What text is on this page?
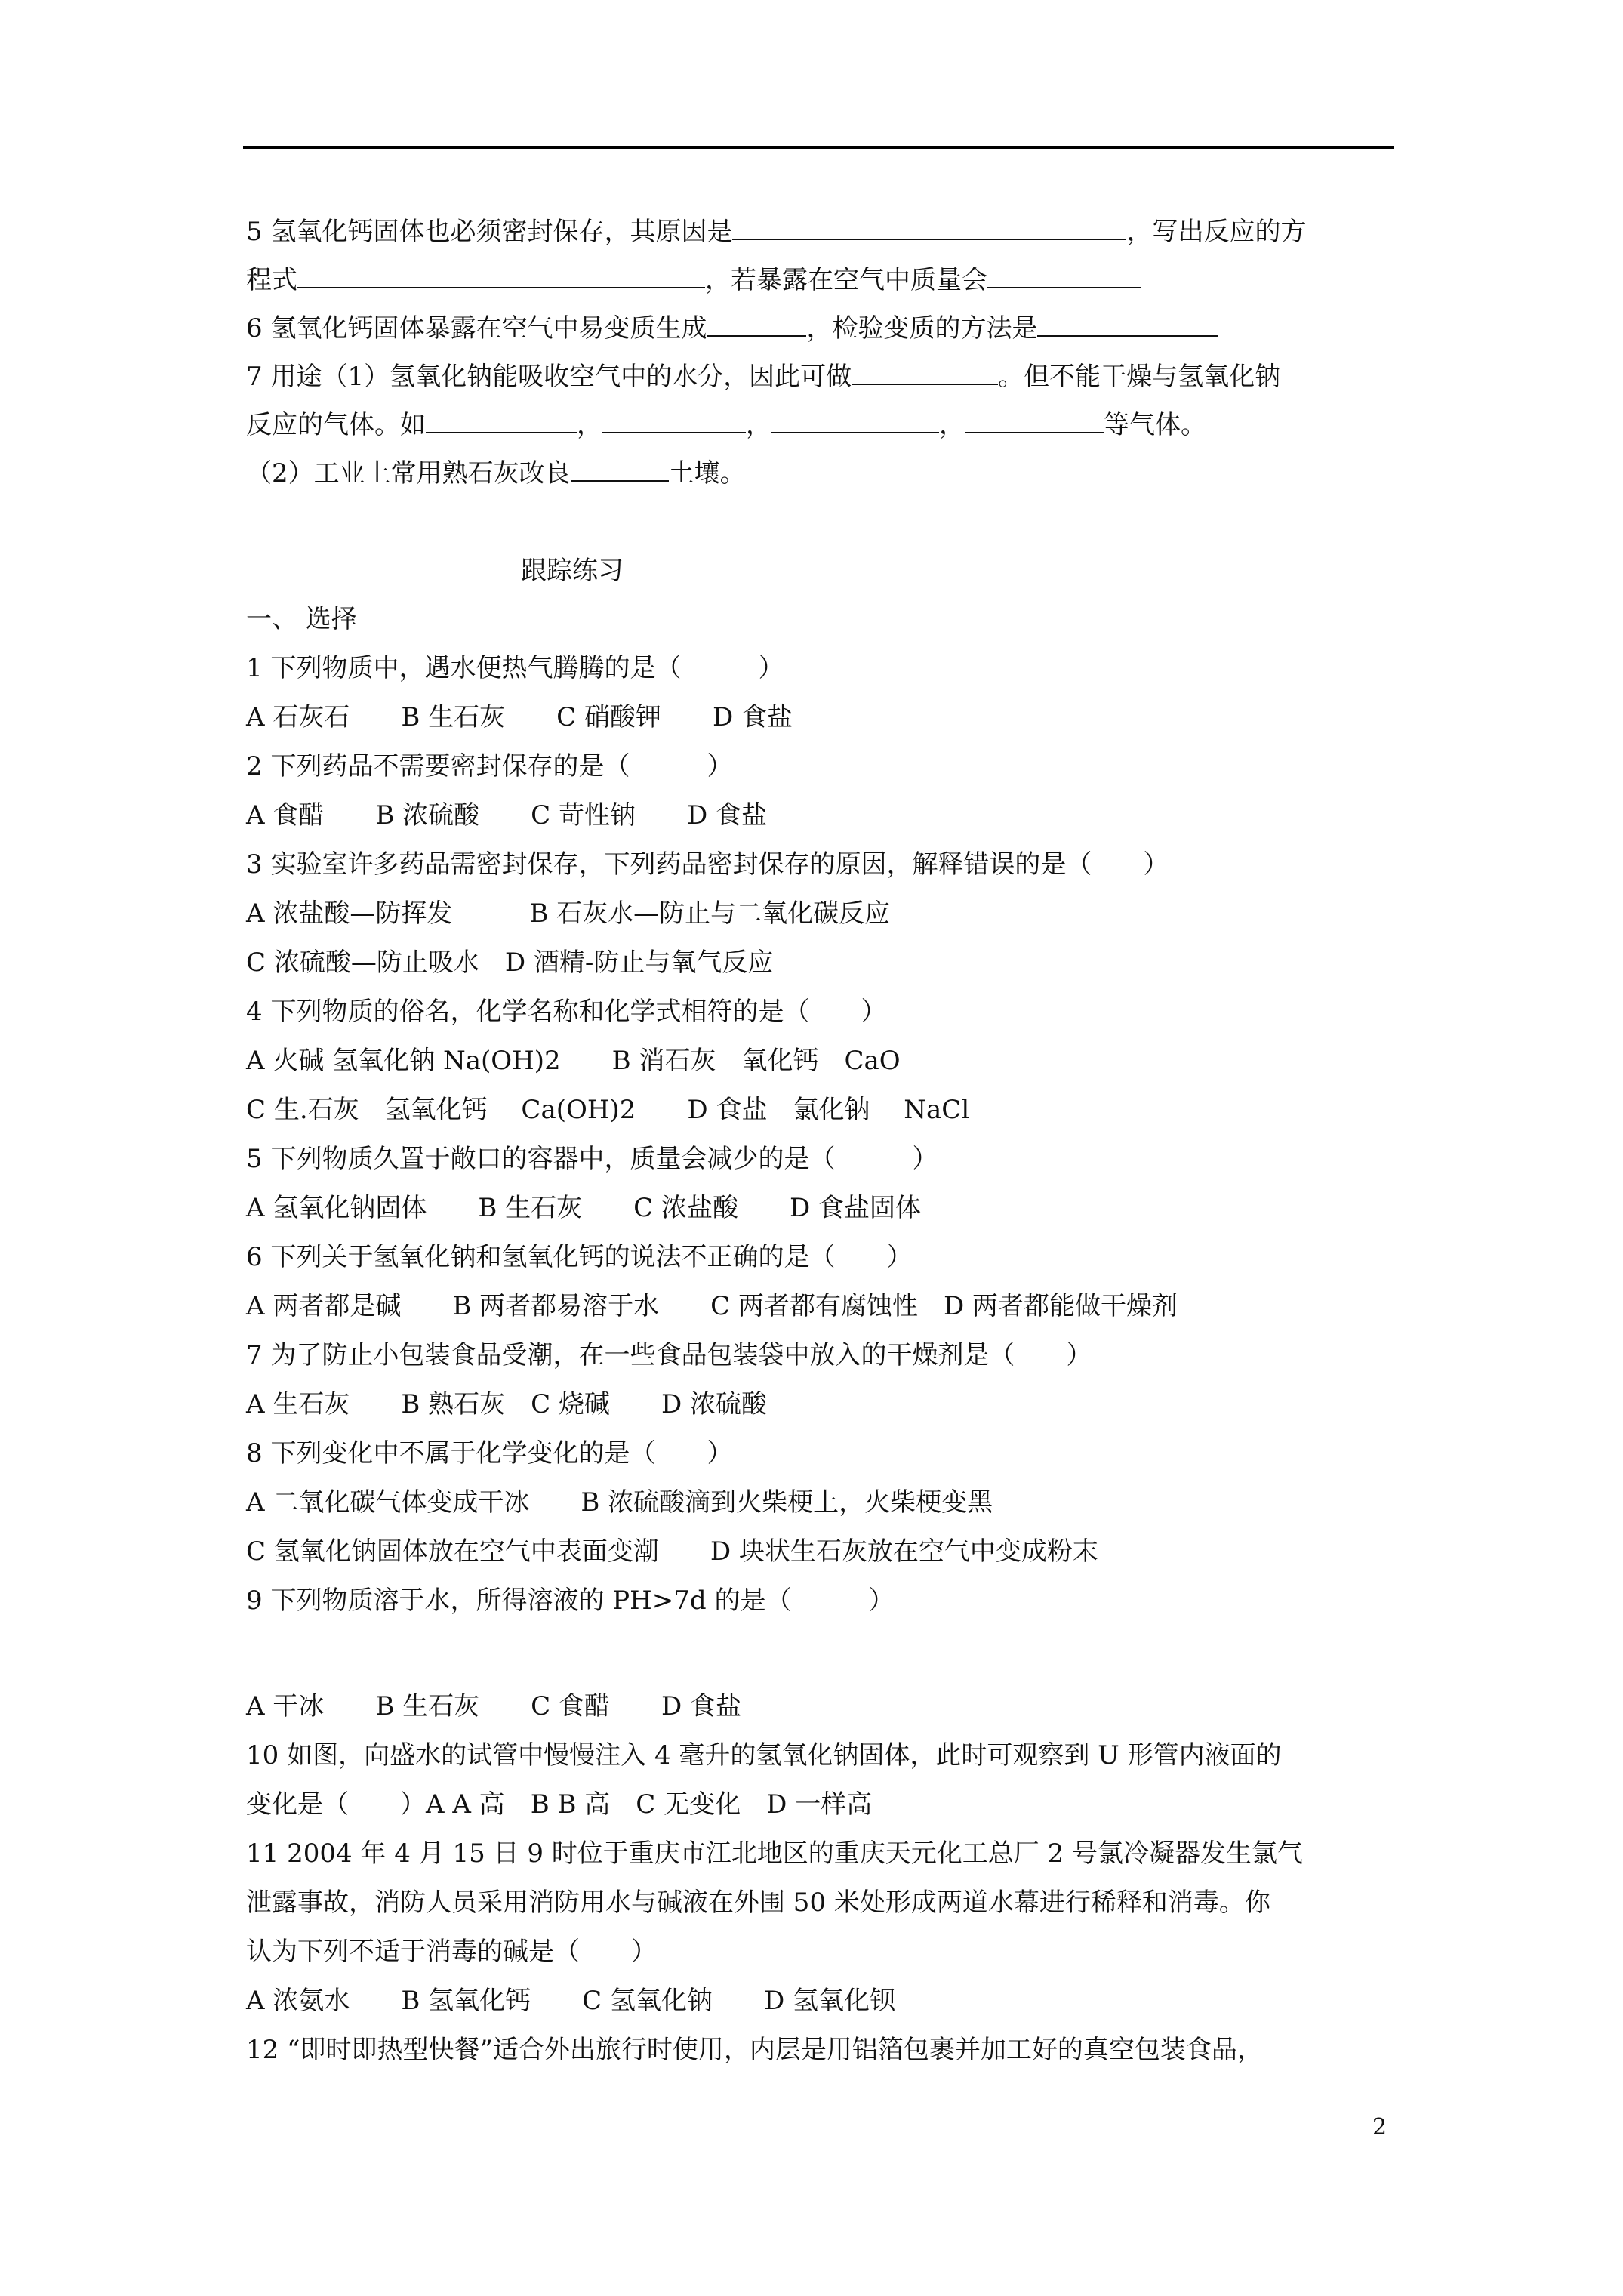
5 氢氧化钙固体也必须密封保存，其原因是	，写出反应的方
程式	，若暴露在空气中质量会
6 氢氧化钙固体暴露在空气中易变质生成	，检验变质的方法是
7 用途（1）氢氧化钠能吸收空气中的水分，因此可做	。但不能干燥与氢氧化钠
反应的气体。如	，	，	，	等气体。
（2）工业上常用熟石灰改良	土壤。
跟踪练习
一、 选择
1 下列物质中，遇水便热气腾腾的是（　　　）
A 石灰石　　B 生石灰　　C 硝酸钾　　D 食盐
2 下列药品不需要密封保存的是（　　　）
A 食醋　　B 浓硫酸　　C 苛性钠　　D 食盐
3 实验室许多药品需密封保存，下列药品密封保存的原因，解释错误的是（　　）
A 浓盐酸—防挥发　　　B 石灰水—防止与二氧化碳反应
C 浓硫酸—防止吸水　D 酒精-防止与氧气反应
4 下列物质的俗名，化学名称和化学式相符的是（　　）
A 火碱 氢氧化钠 Na(OH)2　　B 消石灰　氧化钙　CaO
C 生.石灰　氢氧化钙　 Ca(OH)2　　D 食盐　氯化钠　 NaCl
5 下列物质久置于敞口的容器中，质量会减少的是（　　　）
A 氢氧化钠固体　　B 生石灰　　C 浓盐酸　　D 食盐固体
6 下列关于氢氧化钠和氢氧化钙的说法不正确的是（　　）
A 两者都是碱　　B 两者都易溶于水　　C 两者都有腐蚀性　D 两者都能做干燥剂
7 为了防止小包装食品受潮，在一些食品包装袋中放入的干燥剂是（　　）
A 生石灰　　B 熟石灰　C 烧碱　　D 浓硫酸
8 下列变化中不属于化学变化的是（　　）
A 二氧化碳气体变成干冰　　B 浓硫酸滴到火柴梗上，火柴梗变黑
C 氢氧化钠固体放在空气中表面变潮　　D 块状生石灰放在空气中变成粉末
9 下列物质溶于水，所得溶液的 PH>7d 的是（　　　）
A 干冰　　B 生石灰　　C 食醋　　D 食盐
10 如图，向盛水的试管中慢慢注入 4 毫升的氢氧化钠固体，此时可观察到 U 形管内液面的
变化是（　　）A A 高　B B 高　C 无变化　D 一样高
11 2004 年 4 月 15 日 9 时位于重庆市江北地区的重庆天元化工总厂 2 号氯冷凝器发生氯气
泄露事故，消防人员采用消防用水与碱液在外围 50 米处形成两道水幕进行稀释和消毒。你
认为下列不适于消毒的碱是（　　）
A 浓氨水　　B 氢氧化钙　　C 氢氧化钠　　D 氢氧化钡
12 “即时即热型快餐”适合外出旅行时使用，内层是用铝箔包裹并加工好的真空包装食品，
2
